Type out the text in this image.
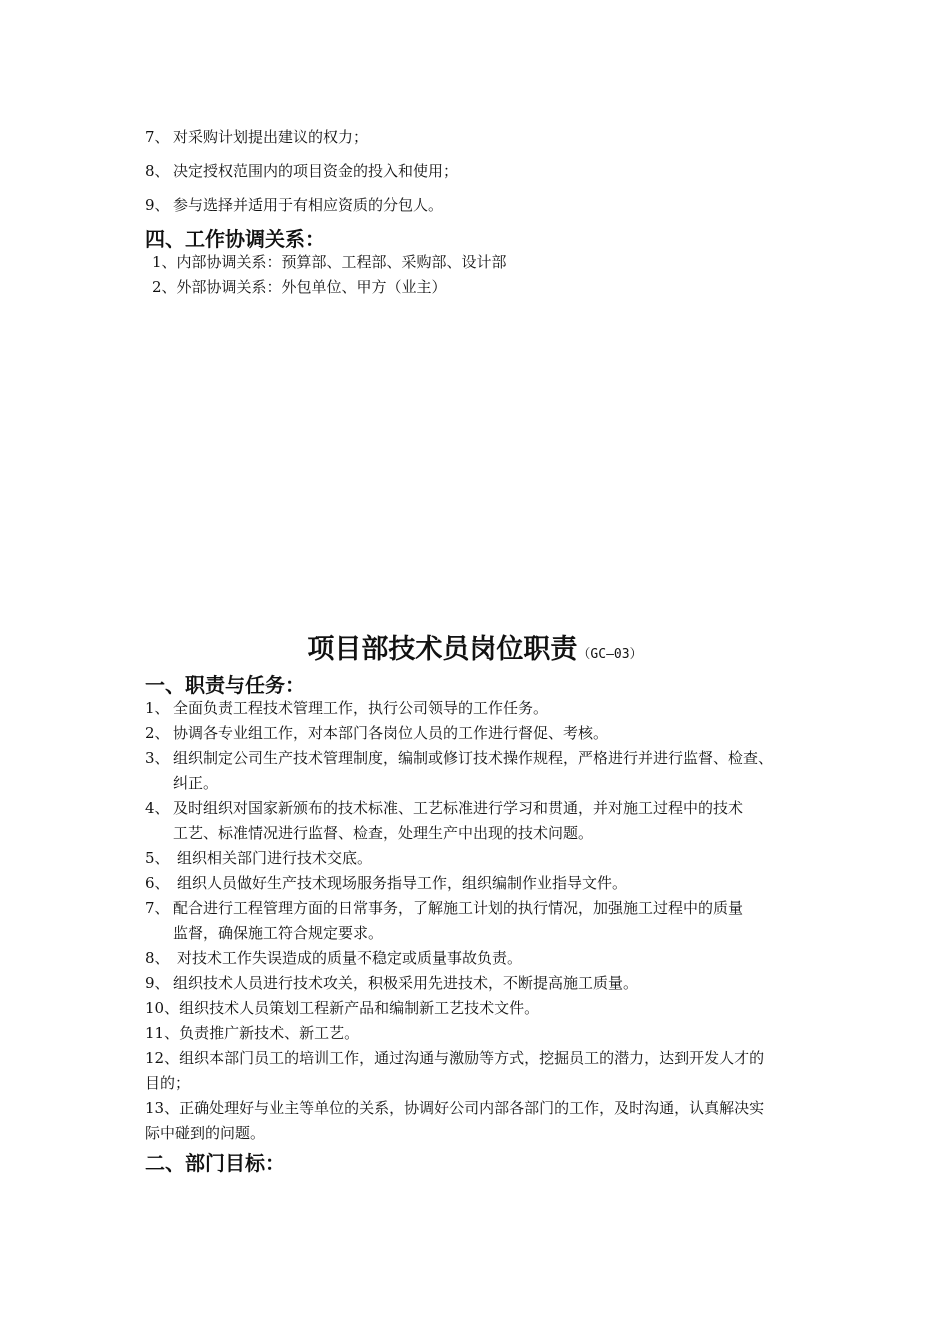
7、 对采购计划提出建议的权力；
8、 决定授权范围内的项目资金的投入和使用；
9、 参与选择并适用于有相应资质的分包人。
四、工作协调关系：
1、内部协调关系：预算部、工程部、采购部、设计部
2、外部协调关系：外包单位、甲方（业主）
项目部技术员岗位职责（GC—03）
一、职责与任务：
1、 全面负责工程技术管理工作，执行公司领导的工作任务。
2、 协调各专业组工作，对本部门各岗位人员的工作进行督促、考核。
3、 组织制定公司生产技术管理制度，编制或修订技术操作规程，严格进行并进行监督、检查、
纠正。
4、 及时组织对国家新颁布的技术标准、工艺标准进行学习和贯通，并对施工过程中的技术
工艺、标准情况进行监督、检查，处理生产中出现的技术问题。
5、 组织相关部门进行技术交底。
6、 组织人员做好生产技术现场服务指导工作，组织编制作业指导文件。
7、 配合进行工程管理方面的日常事务，了解施工计划的执行情况，加强施工过程中的质量
监督，确保施工符合规定要求。
8、 对技术工作失误造成的质量不稳定或质量事故负责。
9、 组织技术人员进行技术攻关，积极采用先进技术，不断提高施工质量。
10、组织技术人员策划工程新产品和编制新工艺技术文件。
11、负责推广新技术、新工艺。
12、组织本部门员工的培训工作，通过沟通与激励等方式，挖掘员工的潜力，达到开发人才的
目的；
13、正确处理好与业主等单位的关系，协调好公司内部各部门的工作，及时沟通，认真解决实
际中碰到的问题。
二、部门目标：
